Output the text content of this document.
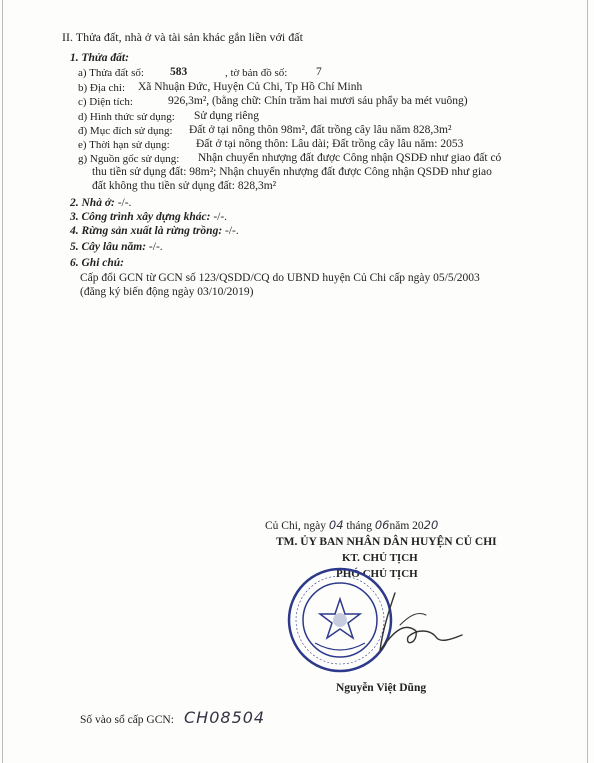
II. Thửa đất, nhà ở và tài sản khác gắn liền với đất
1. Thửa đất:
a) Thửa đất số: 583	, tờ bản đồ số: 7
b) Địa chỉ: Xã Nhuận Đức, Huyện Củ Chi, Tp Hồ Chí Minh
c) Diện tích:	926,3m², (bằng chữ: Chín trăm hai mươi sáu phẩy ba mét vuông)
d) Hình thức sử dụng: Sử dụng riêng
đ) Mục đích sử dụng: Đất ở tại nông thôn 98m², đất trồng cây lâu năm 828,3m²
e) Thời hạn sử dụng: Đất ở tại nông thôn: Lâu dài; Đất trồng cây lâu năm: 2053
g) Nguồn gốc sử dụng: Nhận chuyển nhượng đất được Công nhận QSDĐ như giao đất có
thu tiền sử dụng đất: 98m²; Nhận chuyển nhượng đất được Công nhận QSDĐ như giao
đất không thu tiền sử dụng đất: 828,3m²
2. Nhà ở: -/-.
3. Công trình xây dựng khác: -/-.
4. Rừng sản xuất là rừng trồng: -/-.
5. Cây lâu năm: -/-.
6. Ghi chú:
Cấp đổi GCN từ GCN số 123/QSDD/CQ do UBND huyện Củ Chi cấp ngày 05/5/2003
(đăng ký biến động ngày 03/10/2019)
Củ Chi, ngày 04 tháng 06năm 2020
TM. ỦY BAN NHÂN DÂN HUYỆN CỦ CHI
KT. CHỦ TỊCH
PHÓ CHỦ TỊCH
Nguyễn Việt Dũng
Số vào sổ cấp GCN: CH08504
